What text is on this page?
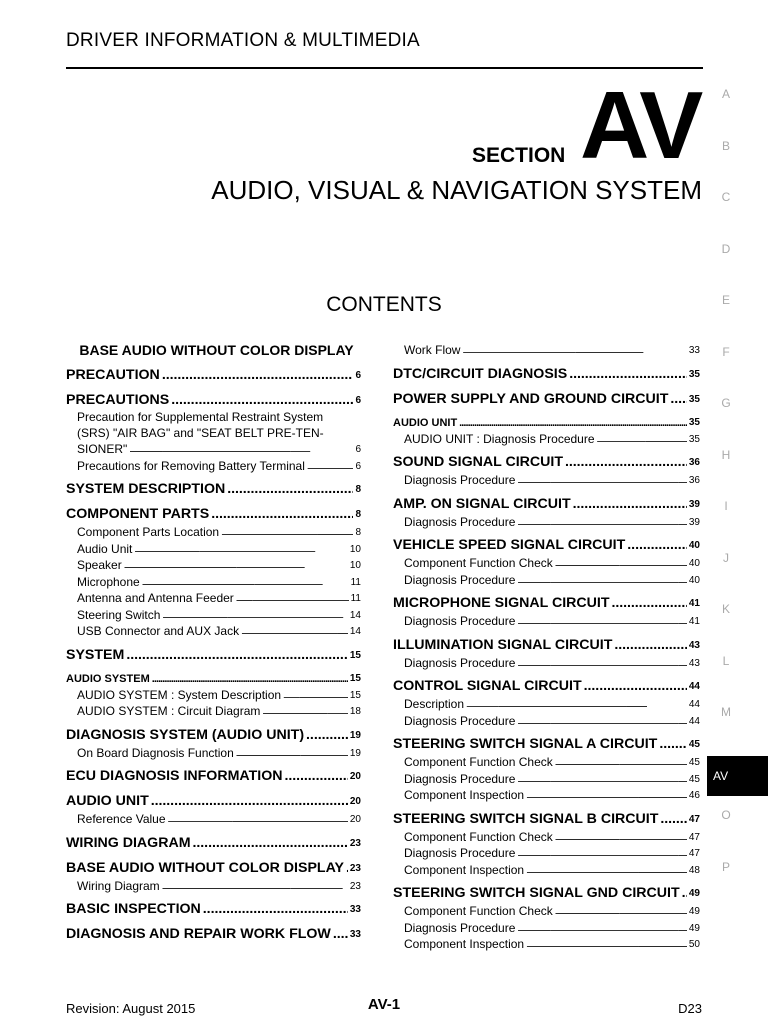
DRIVER INFORMATION & MULTIMEDIA
SECTION AV
AUDIO, VISUAL & NAVIGATION SYSTEM
CONTENTS
BASE AUDIO WITHOUT COLOR DISPLAY
PRECAUTION . . .	6
PRECAUTIONS . . .	6
Precaution for Supplemental Restraint System
(SRS) "AIR BAG" and "SEAT BELT PRE-TEN-
SIONER" . . .	6
Precautions for Removing Battery Terminal . . .	6
SYSTEM DESCRIPTION . . .	8
COMPONENT PARTS . . .	8
Component Parts Location . . .	8
Audio Unit . . .	10
Speaker . . .	10
Microphone . . .	11
Antenna and Antenna Feeder . . .	11
Steering Switch . . .	14
USB Connector and AUX Jack . . .	14
SYSTEM . . .	15
AUDIO SYSTEM . . .	15
AUDIO SYSTEM : System Description . . .	15
AUDIO SYSTEM : Circuit Diagram . . .	18
DIAGNOSIS SYSTEM (AUDIO UNIT) . . .	19
On Board Diagnosis Function . . .	19
ECU DIAGNOSIS INFORMATION . . .	20
AUDIO UNIT . . .	20
Reference Value . . .	20
WIRING DIAGRAM . . .	23
BASE AUDIO WITHOUT COLOR DISPLAY . . . 23
Wiring Diagram . . .	23
BASIC INSPECTION . . .	33
DIAGNOSIS AND REPAIR WORK FLOW . . . 33
Work Flow . . .	33
DTC/CIRCUIT DIAGNOSIS . . .	35
POWER SUPPLY AND GROUND CIRCUIT . . . 35
AUDIO UNIT . . .	35
AUDIO UNIT : Diagnosis Procedure . . .	35
SOUND SIGNAL CIRCUIT . . .	36
Diagnosis Procedure . . .	36
AMP. ON SIGNAL CIRCUIT . . .	39
Diagnosis Procedure . . .	39
VEHICLE SPEED SIGNAL CIRCUIT . . .	40
Component Function Check . . .	40
Diagnosis Procedure . . .	40
MICROPHONE SIGNAL CIRCUIT . . .	41
Diagnosis Procedure . . .	41
ILLUMINATION SIGNAL CIRCUIT . . .	43
Diagnosis Procedure . . .	43
CONTROL SIGNAL CIRCUIT . . .	44
Description . . .	44
Diagnosis Procedure . . .	44
STEERING SWITCH SIGNAL A CIRCUIT . . .	45
Component Function Check . . .	45
Diagnosis Procedure . . .	45
Component Inspection . . .	46
STEERING SWITCH SIGNAL B CIRCUIT . . .	47
Component Function Check . . .	47
Diagnosis Procedure . . .	47
Component Inspection . . .	48
STEERING SWITCH SIGNAL GND CIRCUIT . . . 49
Component Function Check . . .	49
Diagnosis Procedure . . .	49
Component Inspection . . .	50
A
B
C
D
E
F
G
H
I
J
K
L
M
AV
O
P
Revision: August 2015	AV-1	D23
